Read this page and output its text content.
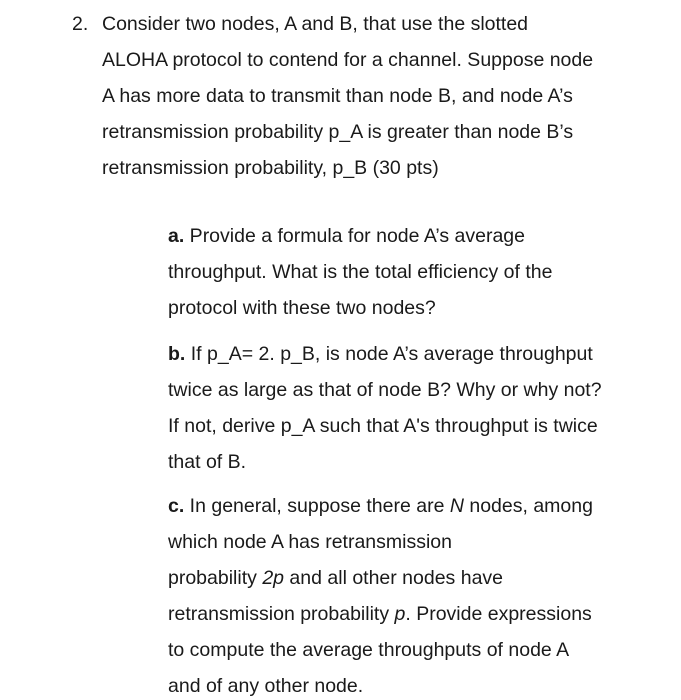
2. Consider two nodes, A and B, that use the slotted
ALOHA protocol to contend for a channel. Suppose node
A has more data to transmit than node B, and node A’s
retransmission probability p_A is greater than node B’s
retransmission probability, p_B (30 pts)
a. Provide a formula for node A’s average
throughput. What is the total efficiency of the
protocol with these two nodes?
b. If p_A= 2. p_B, is node A’s average throughput
twice as large as that of node B? Why or why not?
If not, derive p_A such that A's throughput is twice
that of B.
c. In general, suppose there are N nodes, among
which node A has retransmission
probability 2p and all other nodes have
retransmission probability p. Provide expressions
to compute the average throughputs of node A
and of any other node.
